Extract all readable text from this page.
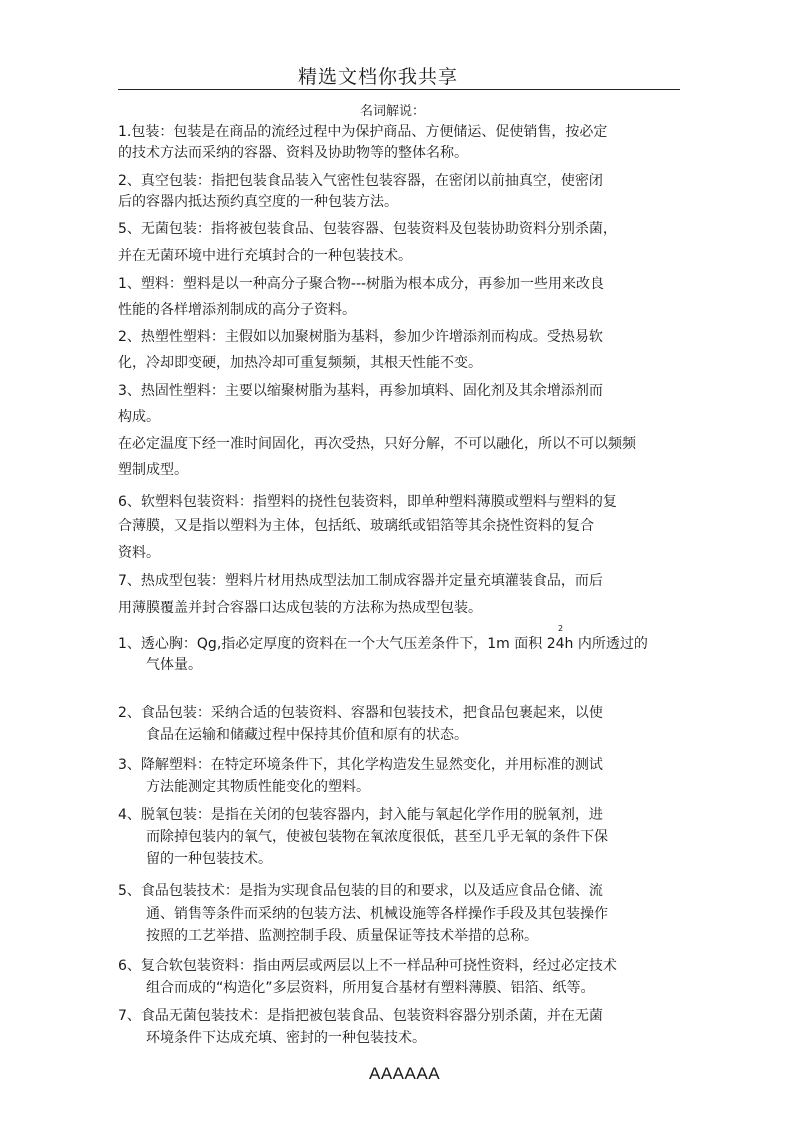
精选文档你我共享
名词解说：
1.包装：包装是在商品的流经过程中为保护商品、方便储运、促使销售，按必定
的技术方法而采纳的容器、资料及协助物等的整体名称。
2、真空包装：指把包装食品装入气密性包装容器，在密闭以前抽真空，使密闭
后的容器内抵达预约真空度的一种包装方法。
5、无菌包装：指将被包装食品、包装容器、包装资料及包装协助资料分别杀菌，
并在无菌环境中进行充填封合的一种包装技术。
1、塑料：塑料是以一种高分子聚合物---树脂为根本成分，再参加一些用来改良
性能的各样增添剂制成的高分子资料。
2、热塑性塑料：主假如以加聚树脂为基料，参加少许增添剂而构成。受热易软
化，冷却即变硬，加热冷却可重复频频，其根天性能不变。
3、热固性塑料：主要以缩聚树脂为基料，再参加填料、固化剂及其余增添剂而
构成。
在必定温度下经一准时间固化，再次受热，只好分解，不可以融化，所以不可以频频
塑制成型。
6、软塑料包装资料：指塑料的挠性包装资料，即单种塑料薄膜或塑料与塑料的复
合薄膜，又是指以塑料为主体，包括纸、玻璃纸或铝箔等其余挠性资料的复合
资料。
7、热成型包装：塑料片材用热成型法加工制成容器并定量充填灌装食品，而后
用薄膜覆盖并封合容器口达成包装的方法称为热成型包装。
2
1、透心胸：Qg,指必定厚度的资料在一个大气压差条件下，1m 面积 24h 内所透过的
气体量。
2、食品包装：采纳合适的包装资料、容器和包装技术，把食品包裹起来，以使
食品在运输和储藏过程中保持其价值和原有的状态。
3、降解塑料：在特定环境条件下，其化学构造发生显然变化，并用标准的测试
方法能测定其物质性能变化的塑料。
4、脱氧包装：是指在关闭的包装容器内，封入能与氧起化学作用的脱氧剂，进
而除掉包装内的氧气，使被包装物在氧浓度很低，甚至几乎无氧的条件下保
留的一种包装技术。
5、食品包装技术：是指为实现食品包装的目的和要求，以及适应食品仓储、流
通、销售等条件而采纳的包装方法、机械设施等各样操作手段及其包装操作
按照的工艺举措、监测控制手段、质量保证等技术举措的总称。
6、复合软包装资料：指由两层或两层以上不一样品种可挠性资料，经过必定技术
组合而成的“构造化”多层资料，所用复合基材有塑料薄膜、铝箔、纸等。
7、食品无菌包装技术：是指把被包装食品、包装资料容器分别杀菌，并在无菌
环境条件下达成充填、密封的一种包装技术。
AAAAAA
